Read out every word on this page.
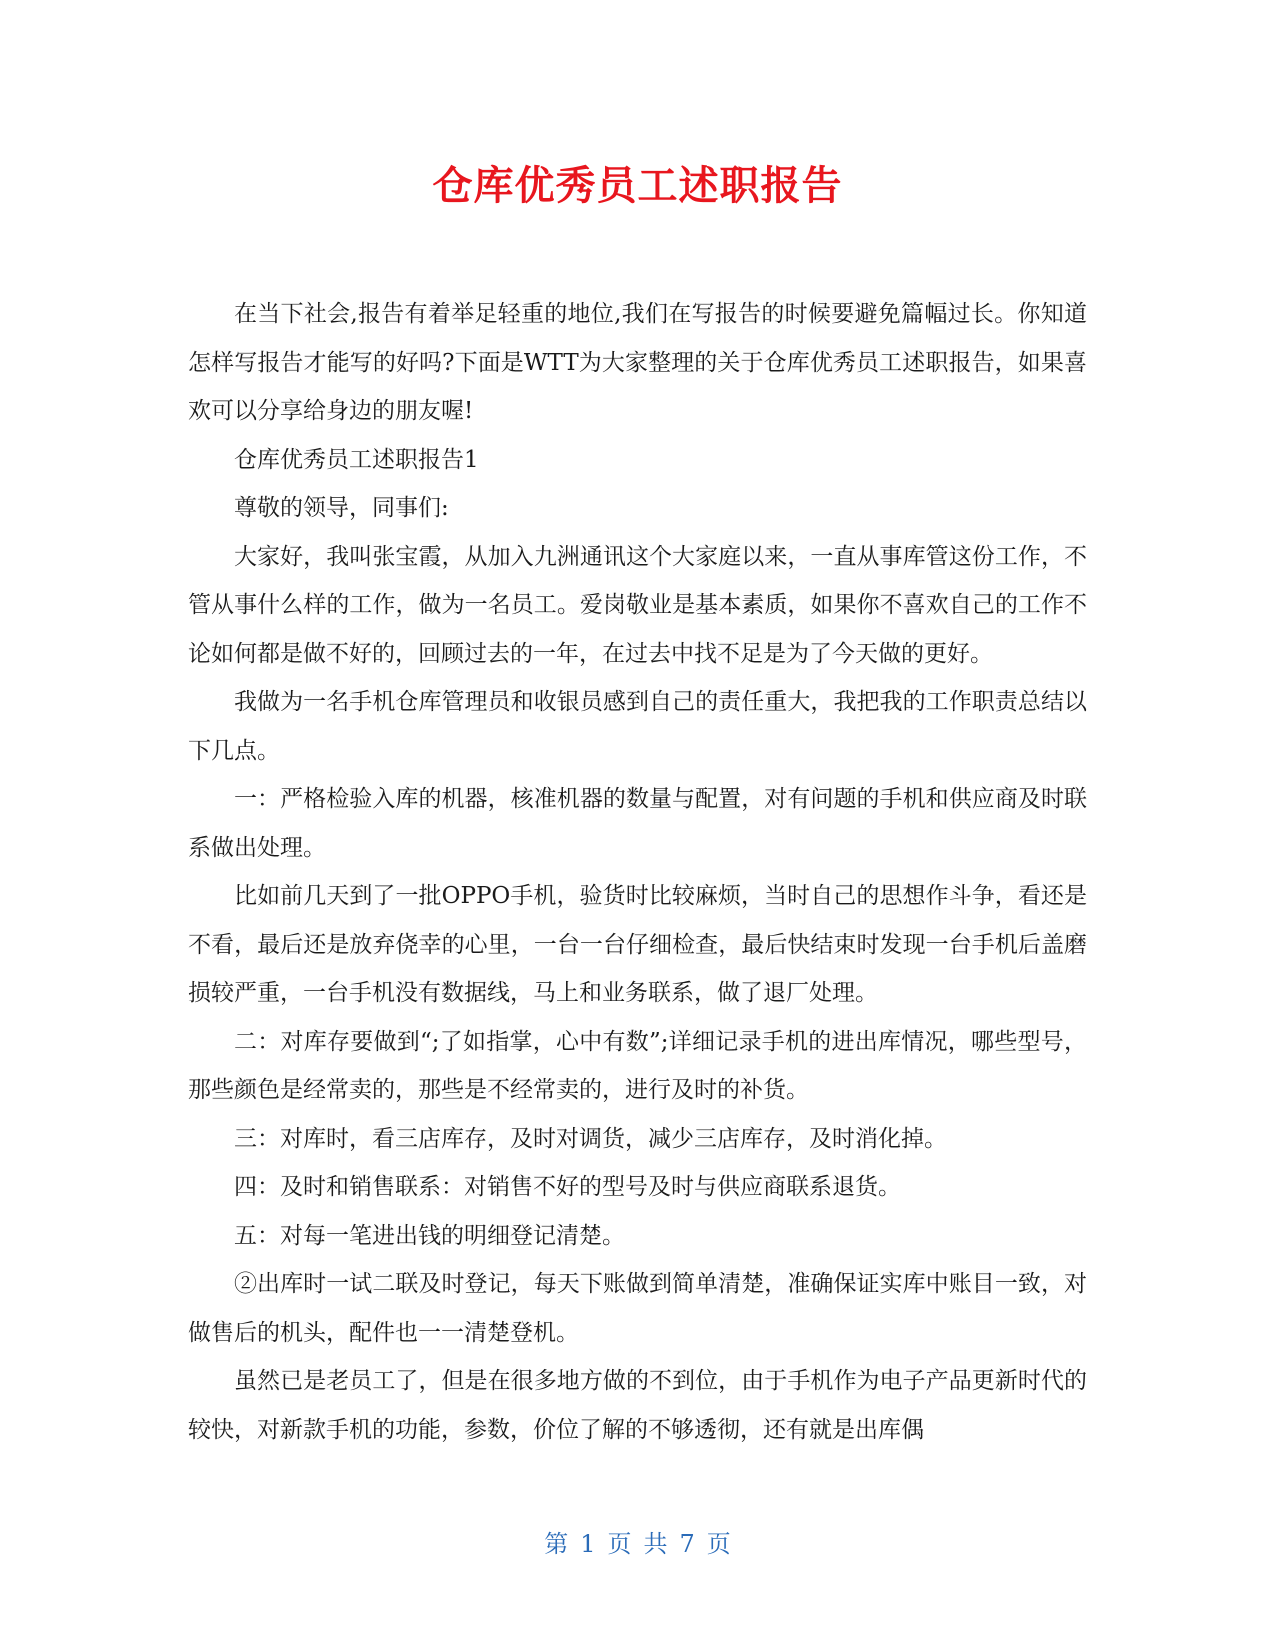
仓库优秀员工述职报告

在当下社会,报告有着举足轻重的地位,我们在写报告的时候要避免篇幅过长。你知道怎样写报告才能写的好吗?下面是WTT为大家整理的关于仓库优秀员工述职报告，如果喜欢可以分享给身边的朋友喔!

仓库优秀员工述职报告1

尊敬的领导，同事们:

大家好，我叫张宝霞，从加入九洲通讯这个大家庭以来，一直从事库管这份工作，不管从事什么样的工作，做为一名员工。爱岗敬业是基本素质，如果你不喜欢自己的工作不论如何都是做不好的，回顾过去的一年，在过去中找不足是为了今天做的更好。

我做为一名手机仓库管理员和收银员感到自己的责任重大，我把我的工作职责总结以下几点。

一：严格检验入库的机器，核准机器的数量与配置，对有问题的手机和供应商及时联系做出处理。

比如前几天到了一批OPPO手机，验货时比较麻烦，当时自己的思想作斗争，看还是不看，最后还是放弃侥幸的心里，一台一台仔细检查，最后快结束时发现一台手机后盖磨损较严重，一台手机没有数据线，马上和业务联系，做了退厂处理。

二：对库存要做到“;了如指掌，心中有数”;详细记录手机的进出库情况，哪些型号，那些颜色是经常卖的，那些是不经常卖的，进行及时的补货。

三：对库时，看三店库存，及时对调货，减少三店库存，及时消化掉。

四：及时和销售联系：对销售不好的型号及时与供应商联系退货。

五：对每一笔进出钱的明细登记清楚。

②出库时一试二联及时登记，每天下账做到简单清楚，准确保证实库中账目一致，对做售后的机头，配件也一一清楚登机。

虽然已是老员工了，但是在很多地方做的不到位，由于手机作为电子产品更新时代的较快，对新款手机的功能，参数，价位了解的不够透彻，还有就是出库偶

第 1 页 共 7 页
